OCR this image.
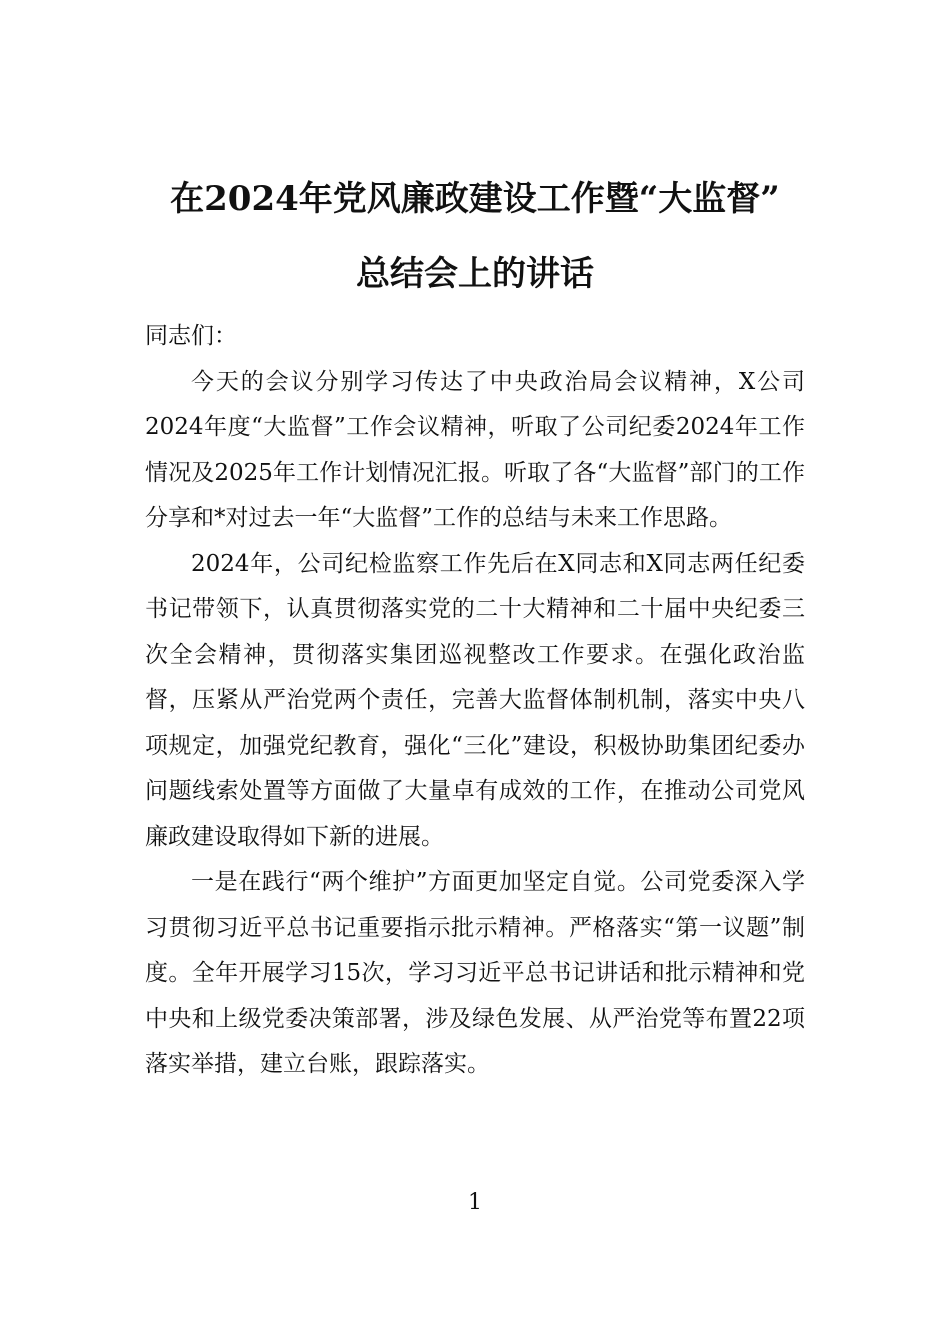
在2024年党风廉政建设工作暨“大监督”
总结会上的讲话

同志们：

今天的会议分别学习传达了中央政治局会议精神，X公司2024年度“大监督”工作会议精神，听取了公司纪委2024年工作情况及2025年工作计划情况汇报。听取了各“大监督”部门的工作分享和*对过去一年“大监督”工作的总结与未来工作思路。

2024年，公司纪检监察工作先后在X同志和X同志两任纪委书记带领下，认真贯彻落实党的二十大精神和二十届中央纪委三次全会精神，贯彻落实集团巡视整改工作要求。在强化政治监督，压紧从严治党两个责任，完善大监督体制机制，落实中央八项规定，加强党纪教育，强化“三化”建设，积极协助集团纪委办问题线索处置等方面做了大量卓有成效的工作，在推动公司党风廉政建设取得如下新的进展。

一是在践行“两个维护”方面更加坚定自觉。公司党委深入学习贯彻习近平总书记重要指示批示精神。严格落实“第一议题”制度。全年开展学习15次，学习习近平总书记讲话和批示精神和党中央和上级党委决策部署，涉及绿色发展、从严治党等布置22项落实举措，建立台账，跟踪落实。

1
